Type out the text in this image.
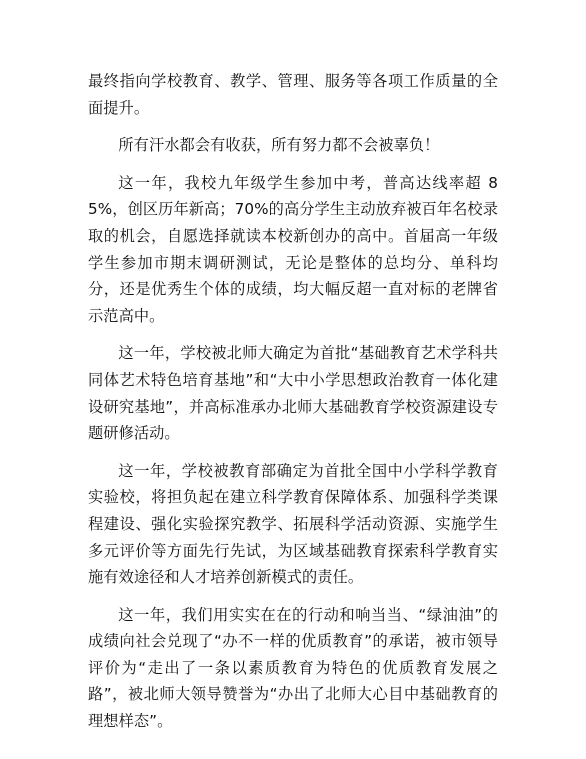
最终指向学校教育、教学、管理、服务等各项工作质量的全面提升。

所有汗水都会有收获，所有努力都不会被辜负！

这一年，我校九年级学生参加中考，普高达线率超 85%，创区历年新高；70%的高分学生主动放弃被百年名校录取的机会，自愿选择就读本校新创办的高中。首届高一年级学生参加市期末调研测试，无论是整体的总均分、单科均分，还是优秀生个体的成绩，均大幅反超一直对标的老牌省示范高中。

这一年，学校被北师大确定为首批“基础教育艺术学科共同体艺术特色培育基地”和“大中小学思想政治教育一体化建设研究基地”，并高标准承办北师大基础教育学校资源建设专题研修活动。

这一年，学校被教育部确定为首批全国中小学科学教育实验校，将担负起在建立科学教育保障体系、加强科学类课程建设、强化实验探究教学、拓展科学活动资源、实施学生多元评价等方面先行先试，为区域基础教育探索科学教育实施有效途径和人才培养创新模式的责任。

这一年，我们用实实在在的行动和响当当、“绿油油”的成绩向社会兑现了“办不一样的优质教育”的承诺，被市领导评价为“走出了一条以素质教育为特色的优质教育发展之路”，被北师大领导赞誉为“办出了北师大心目中基础教育的理想样态”。
